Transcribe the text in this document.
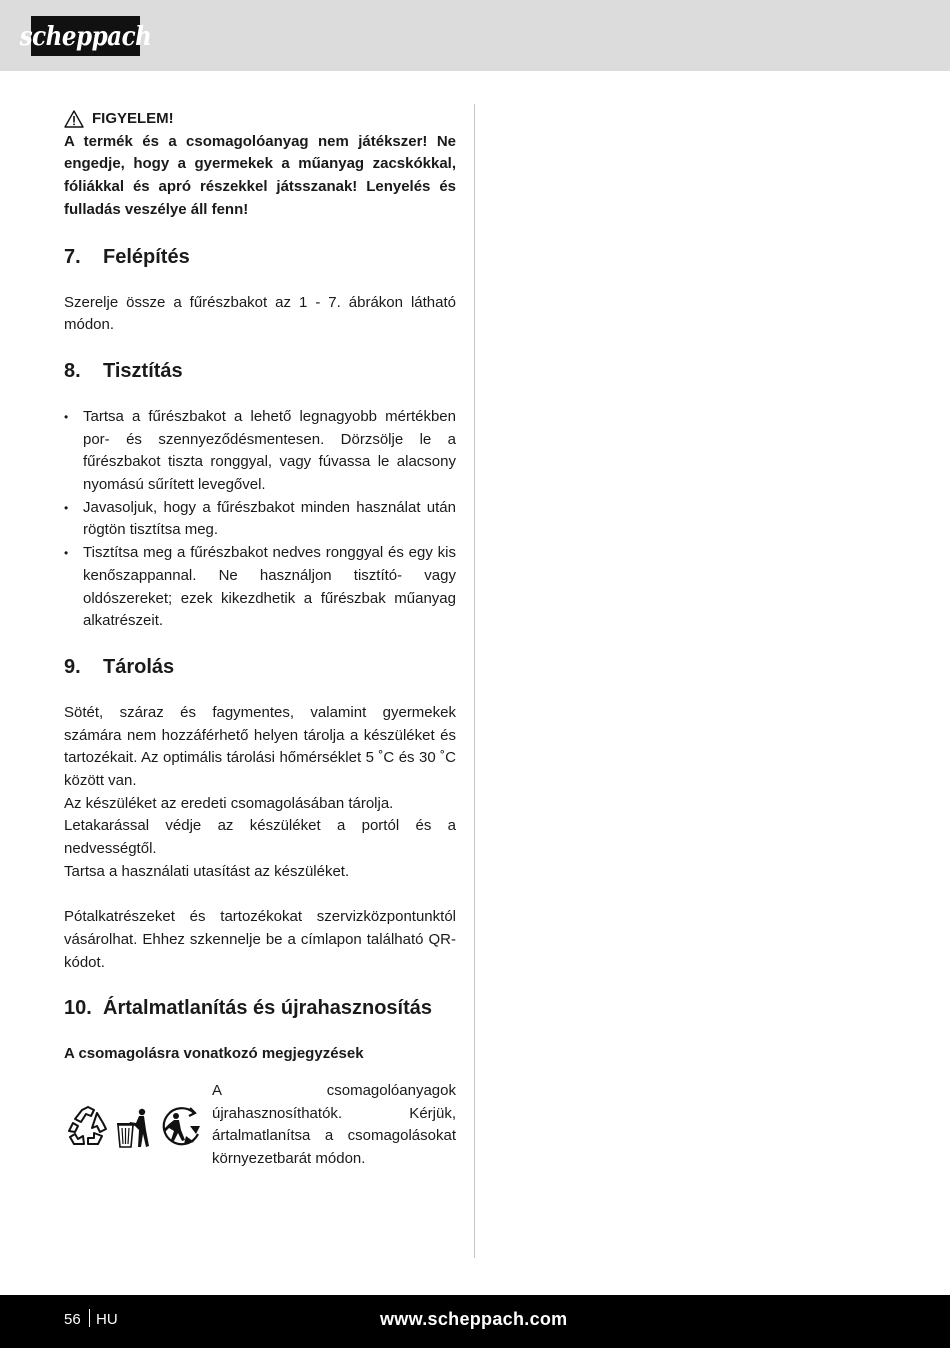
scheppach
FIGYELEM!

A termék és a csomagolóanyag nem játékszer! Ne engedje, hogy a gyermekek a műanyag zacskókkal, fóliákkal és apró részekkel játsszanak! Lenyelés és fulladás veszélye áll fenn!

7.	Felépítés

Szerelje össze a fűrészbakot az 1 - 7. ábrákon látható módon.

8.	Tisztítás
• Tartsa a fűrészbakot a lehető legnagyobb mértékben por- és szennyeződésmentesen. Dörzsölje le a fűrészbakot tiszta ronggyal, vagy fúvassa le alacsony nyomású sűrített levegővel.
• Javasoljuk, hogy a fűrészbakot minden használat után rögtön tisztítsa meg.
• Tisztítsa meg a fűrészbakot nedves ronggyal és egy kis kenőszappannal. Ne használjon tisztító- vagy oldószereket; ezek kikezdhetik a fűrészbak műanyag alkatrészeit.
9.	Tárolás

Sötét, száraz és fagymentes, valamint gyermekek számára nem hozzáférhető helyen tárolja a készüléket és tartozékait. Az optimális tárolási hőmérséklet 5 ˚C és 30 ˚C között van.

Az készüléket az eredeti csomagolásában tárolja.

Letakarással védje az készüléket a portól és a nedvességtől.

Tartsa a használati utasítást az készüléket.

Pótalkatrészeket és tartozékokat szervizközpontunktól vásárolhat. Ehhez szkennelje be a címlapon található QR-kódot.

10. Ártalmatlanítás és újrahasznosítás
A csomagolásra vonatkozó megjegyzések

A csomagolóanyagok újrahasznosíthatók. Kérjük, ártalmatlanítsa a csomagolásokat környezetbarát módon.

56 HU	www.scheppach.com
